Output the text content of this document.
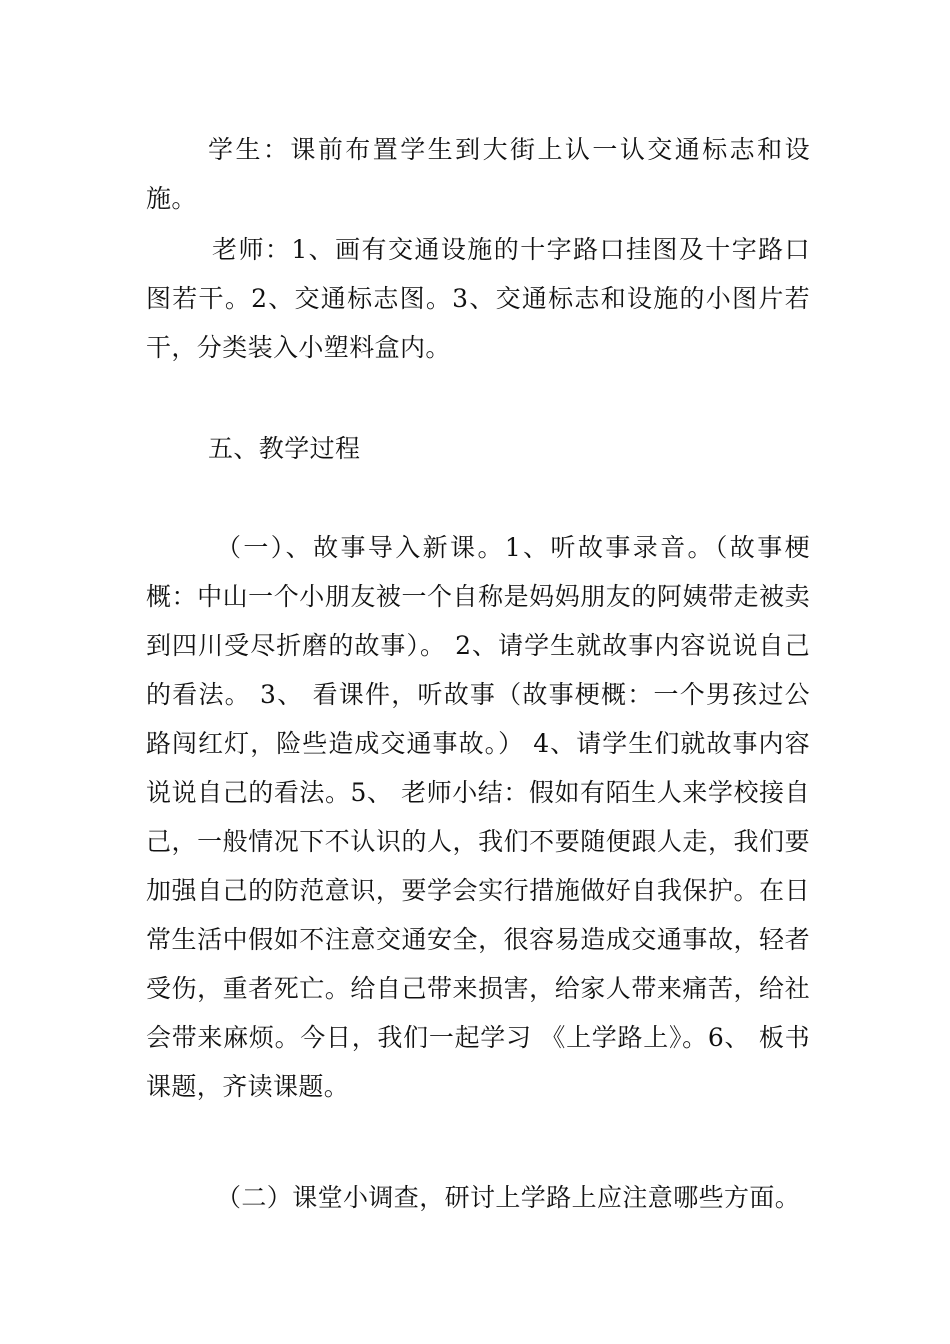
学生：课前布置学生到大街上认一认交通标志和设施。

老师：1、画有交通设施的十字路口挂图及十字路口图若干。2、交通标志图。3、交通标志和设施的小图片若干，分类装入小塑料盒内。

五、教学过程

（一）、故事导入新课。1、听故事录音。（故事梗概：中山一个小朋友被一个自称是妈妈朋友的阿姨带走被卖到四川受尽折磨的故事）。 2、请学生就故事内容说说自己的看法。 3、 看课件，听故事（故事梗概：一个男孩过公路闯红灯，险些造成交通事故。） 4、请学生们就故事内容说说自己的看法。5、 老师小结：假如有陌生人来学校接自己，一般情况下不认识的人，我们不要随便跟人走，我们要加强自己的防范意识，要学会实行措施做好自我保护。在日常生活中假如不注意交通安全，很容易造成交通事故，轻者受伤，重者死亡。给自己带来损害，给家人带来痛苦，给社会带来麻烦。今日，我们一起学习 《上学路上》。6、 板书课题，齐读课题。

（二）课堂小调查，研讨上学路上应注意哪些方面。
